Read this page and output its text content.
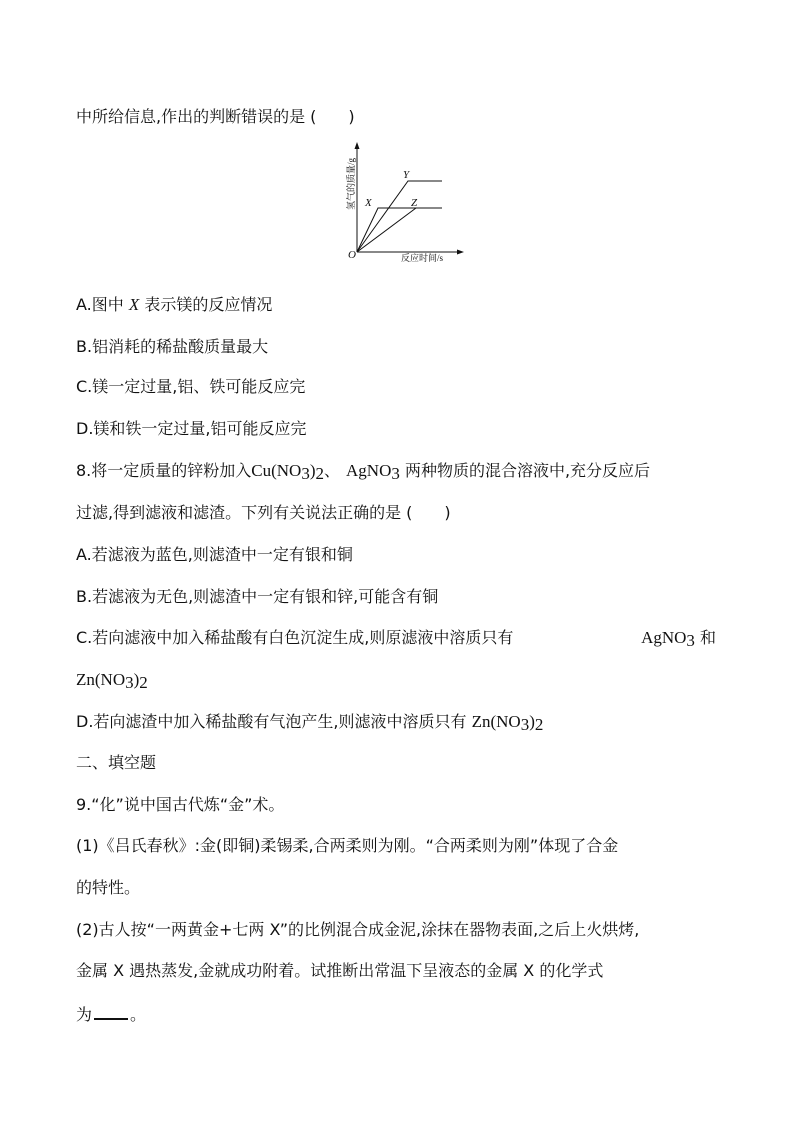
中所给信息,作出的判断错误的是 (　　)
Y
X	Z
O	反应时间/s
氢气的质量/g
A.图中 X 表示镁的反应情况
B.铝消耗的稀盐酸质量最大
C.镁一定过量,铝、铁可能反应完
D.镁和铁一定过量,铝可能反应完
8.将一定质量的锌粉加入$Cu(NO_3)_2$、 AgNO$_3$ 两种物质的混合溶液中,充分反应后
过滤,得到滤液和滤渣。下列有关说法正确的是 (　　)
A.若滤液为蓝色,则滤渣中一定有银和铜
B.若滤液为无色,则滤渣中一定有银和锌,可能含有铜
C.若向滤液中加入稀盐酸有白色沉淀生成,则原滤液中溶质只有	AgNO$_3$ 和
$Zn(NO_3)_2$
D.若向滤渣中加入稀盐酸有气泡产生,则滤液中溶质只有 $Zn(NO_3)_2$
二、填空题
9.“化”说中国古代炼“金”术。
(1)《吕氏春秋》:金(即铜)柔锡柔,合两柔则为刚。“合两柔则为刚”体现了合金
的特性。
(2)古人按“一两黄金+七两 X”的比例混合成金泥,涂抹在器物表面,之后上火烘烤,
金属 X 遇热蒸发,金就成功附着。试推断出常温下呈液态的金属 X 的化学式
为 。
